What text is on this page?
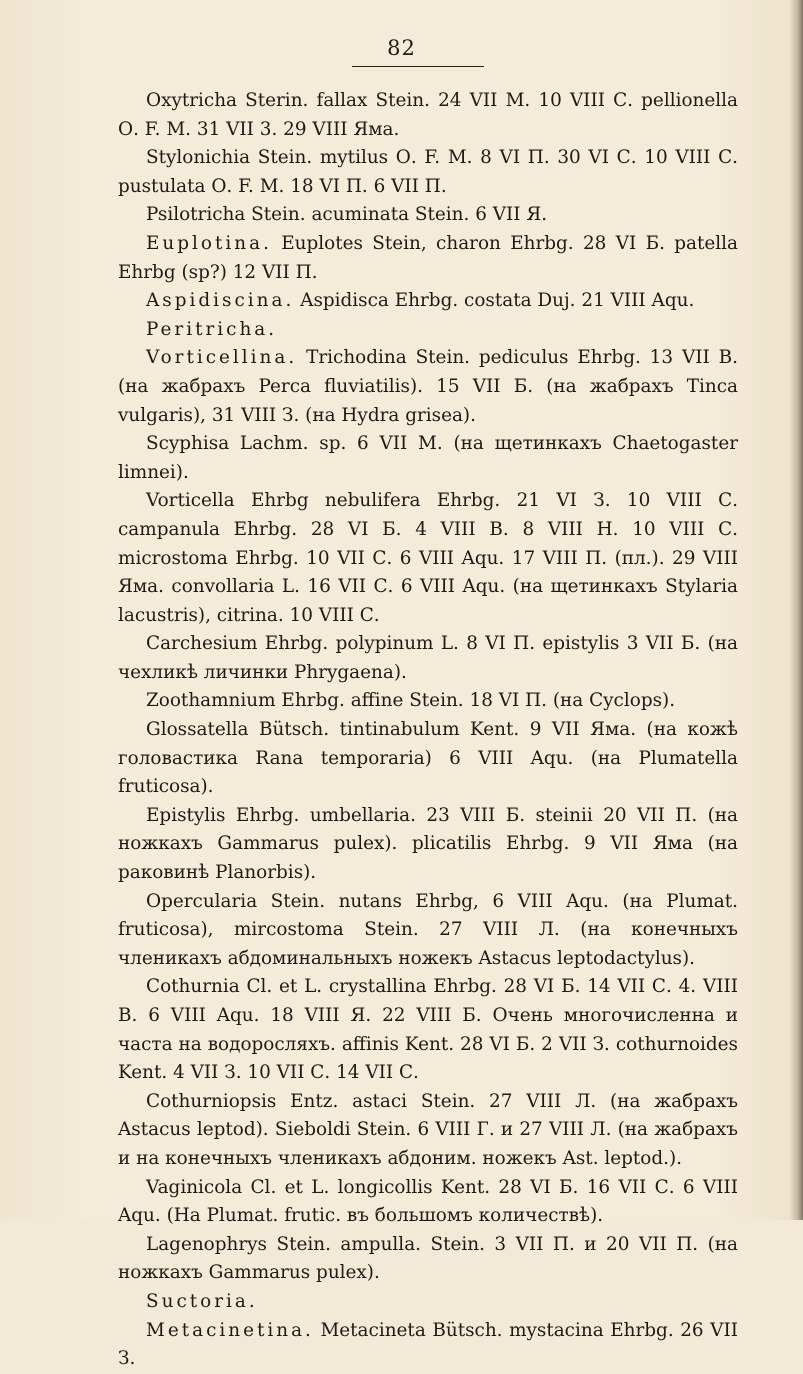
82

Oxytricha Sterin. fallax Stein. 24 VII М. 10 VIII С. pellionella О. F. М. 31 VII 3. 29 VIII Яма.

Stylonichia Stein. mytilus О. F. М. 8 VI П. 30 VI С. 10 VIII С. pustulata О. F. М. 18 VI П. 6 VII П.

Psilotricha Stein. acuminata Stein. 6 VII Я.

Euplotina. Euplotes Stein, charon Ehrbg. 28 VI Б. patella Ehrbg (sp?) 12 VII П.

Aspidiscina. Aspidisca Ehrbg. costata Duj. 21 VIII Aqu.

Peritricha.

Vorticellina. Trichodina Stein. pediculus Ehrbg. 13 VII В. (на жабрахъ Perca fluviatilis). 15 VII Б. (на жабрахъ Tinca vulgaris), 31 VIII З. (на Hydra grisea).

Scyphisa Lachm. sp. 6 VII М. (на щетинкахъ Chaetogaster limnei).

Vorticella Ehrbg nebulifera Ehrbg. 21 VI З. 10 VIII С. campanula Ehrbg. 28 VI Б. 4 VIII В. 8 VIII Н. 10 VIII С. microstoma Ehrbg. 10 VII С. 6 VIII Aqu. 17 VIII П. (пл.). 29 VIII Яма. convollaria L. 16 VII С. 6 VIII Aqu. (на щетинкахъ Stylaria lacustris), citrina. 10 VIII С.

Carchesium Ehrbg. polypinum L. 8 VI П. epistylis 3 VII Б. (на чехликѣ личинки Phrygaena).

Zoothamnium Ehrbg. affine Stein. 18 VI П. (на Cyclops).

Glossatella Bütsch. tintinabulum Kent. 9 VII Яма. (на кожѣ головастика Rana temporaria) 6 VIII Aqu. (на Plumatella fruticosa).

Epistylis Ehrbg. umbellaria. 23 VIII Б. steinii 20 VII П. (на ножкахъ Gammarus pulex). plicatilis Ehrbg. 9 VII Яма (на раковинѣ Planorbis).

Opercularia Stein. nutans Ehrbg, 6 VIII Aqu. (на Plumat. fruticosa), mircostoma Stein. 27 VIII Л. (на конечныхъ членикахъ абдоминальныхъ ножекъ Astacus leptodactylus).

Cothurnia Cl. et L. crystallina Ehrbg. 28 VI Б. 14 VII С. 4. VIII В. 6 VIII Aqu. 18 VIII Я. 22 VIII Б. Очень многочисленна и часта на водоросляхъ. affinis Kent. 28 VI Б. 2 VII З. cothurnoides Kent. 4 VII З. 10 VII С. 14 VII С.

Cothurniopsis Entz. astaci Stein. 27 VIII Л. (на жабрахъ Astacus leptod). Sieboldi Stein. 6 VIII Г. и 27 VIII Л. (на жабрахъ и на конечныхъ членикахъ абдоним. ножекъ Ast. leptod.).

Vaginicola Cl. et L. longicollis Kent. 28 VI Б. 16 VII С. 6 VIII Aqu. (На Plumat. frutic. въ большомъ количествѣ).

Lagenophrys Stein. ampulla. Stein. 3 VII П. и 20 VII П. (на ножкахъ Gammarus pulex).

Suctoria.

Metacinetina. Metacineta Bütsch. mystacina Ehrbg. 26 VII З.
